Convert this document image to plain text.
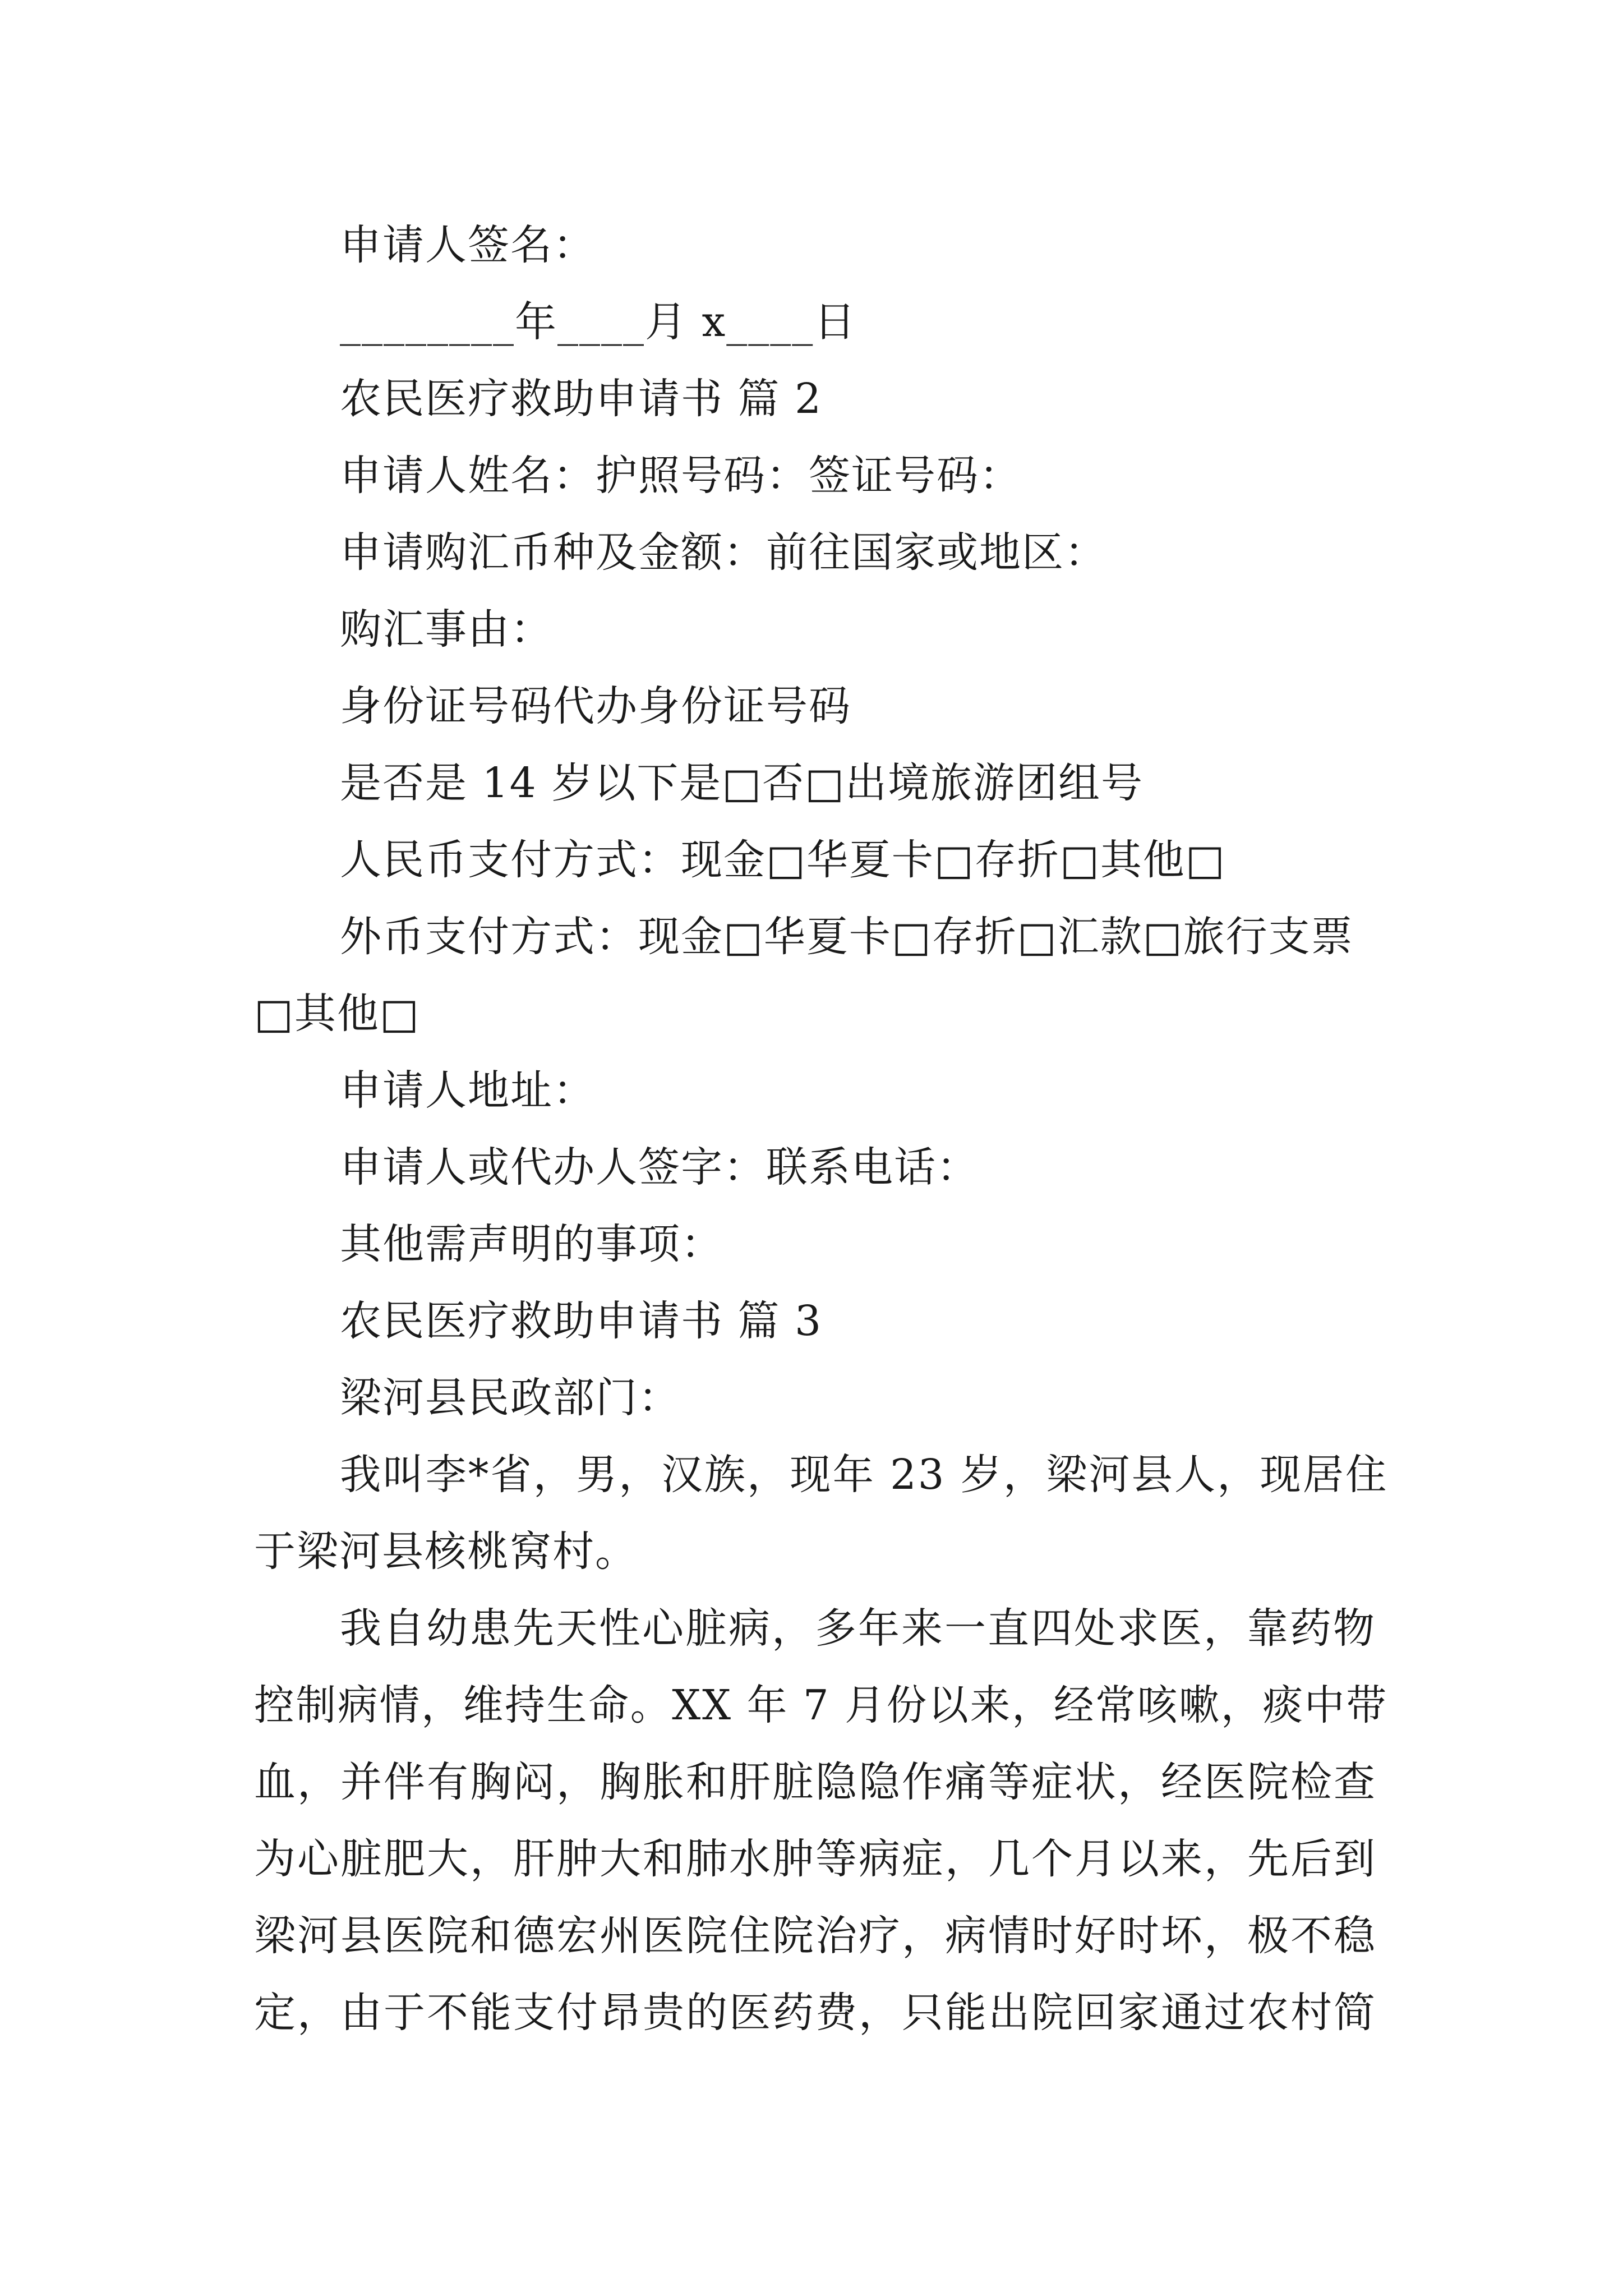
申请人签名：
________年____月 x____日
农民医疗救助申请书 篇 2
申请人姓名：护照号码：签证号码：
申请购汇币种及金额：前往国家或地区：
购汇事由：
身份证号码代办身份证号码
是否是 14 岁以下是□否□出境旅游团组号
人民币支付方式：现金□华夏卡□存折□其他□
外币支付方式：现金□华夏卡□存折□汇款□旅行支票
□其他□
申请人地址：
申请人或代办人签字：联系电话：
其他需声明的事项：
农民医疗救助申请书 篇 3
梁河县民政部门：
我叫李*省，男，汉族，现年 23 岁，梁河县人，现居住
于梁河县核桃窝村。
我自幼患先天性心脏病，多年来一直四处求医，靠药物
控制病情，维持生命。XX 年 7 月份以来，经常咳嗽，痰中带
血，并伴有胸闷，胸胀和肝脏隐隐作痛等症状，经医院检查
为心脏肥大，肝肿大和肺水肿等病症，几个月以来，先后到
梁河县医院和德宏州医院住院治疗，病情时好时坏，极不稳
定，由于不能支付昂贵的医药费，只能出院回家通过农村简
